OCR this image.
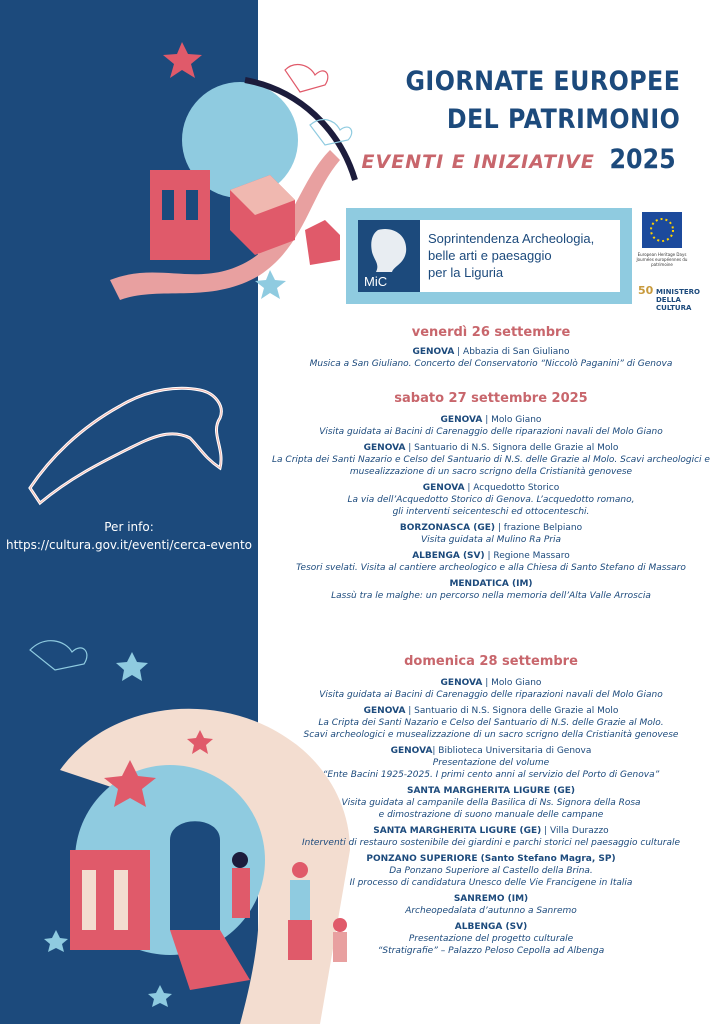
Per info:
https://cultura.gov.it/eventi/cerca-evento
GIORNATE EUROPEE
DEL PATRIMONIO
EVENTI E INIZIATIVE 2025
MiC
Soprintendenza Archeologia,
belle arti e paesaggio
per la Liguria
European Heritage Days
Journées européennes du patrimoine
50 MINISTERO
DELLA
CULTURA

venerdì 26 settembre

GENOVA | Abbazia di San Giuliano

Musica a San Giuliano. Concerto del Conservatorio “Niccolò Paganini” di Genova

sabato 27 settembre 2025

GENOVA | Molo Giano

Visita guidata ai Bacini di Carenaggio delle riparazioni navali del Molo Giano

GENOVA | Santuario di N.S. Signora delle Grazie al Molo

La Cripta dei Santi Nazario e Celso del Santuario di N.S. delle Grazie al Molo. Scavi archeologici e

musealizzazione di un sacro scrigno della Cristianità genovese

GENOVA | Acquedotto Storico

La via dell’Acquedotto Storico di Genova. L’acquedotto romano,

gli interventi seicenteschi ed ottocenteschi.

BORZONASCA (GE) | frazione Belpiano

Visita guidata al Mulino Ra Pria

ALBENGA (SV) | Regione Massaro

Tesori svelati. Visita al cantiere archeologico e alla Chiesa di Santo Stefano di Massaro

MENDATICA (IM)

Lassù tra le malghe: un percorso nella memoria dell’Alta Valle Arroscia

domenica 28 settembre

GENOVA | Molo Giano

Visita guidata ai Bacini di Carenaggio delle riparazioni navali del Molo Giano

GENOVA | Santuario di N.S. Signora delle Grazie al Molo

La Cripta dei Santi Nazario e Celso del Santuario di N.S. delle Grazie al Molo.

Scavi archeologici e musealizzazione di un sacro scrigno della Cristianità genovese

GENOVA| Biblioteca Universitaria di Genova

Presentazione del volume

“Ente Bacini 1925-2025. I primi cento anni al servizio del Porto di Genova”

SANTA MARGHERITA LIGURE (GE)

Visita guidata al campanile della Basilica di Ns. Signora della Rosa

e dimostrazione di suono manuale delle campane

SANTA MARGHERITA LIGURE (GE) | Villa Durazzo

Interventi di restauro sostenibile dei giardini e parchi storici nel paesaggio culturale

PONZANO SUPERIORE (Santo Stefano Magra, SP)

Da Ponzano Superiore al Castello della Brina.

Il processo di candidatura Unesco delle Vie Francigene in Italia

SANREMO (IM)

Archeopedalata d’autunno a Sanremo

ALBENGA (SV)

Presentazione del progetto culturale

“Stratigrafie” – Palazzo Peloso Cepolla ad Albenga
